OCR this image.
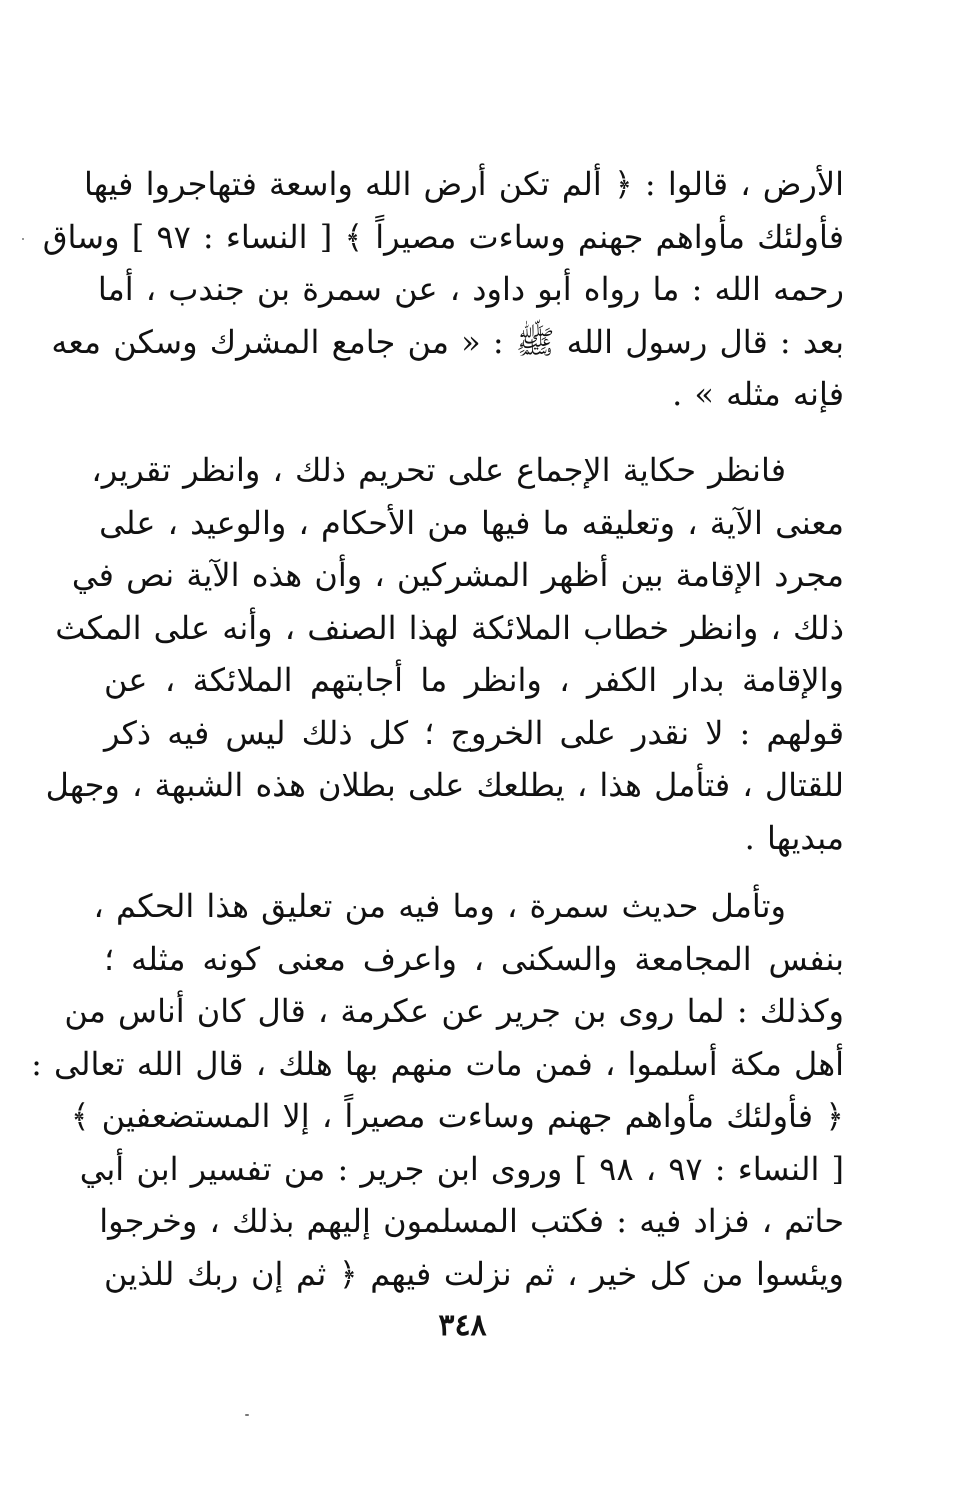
الأرض ، قالوا : ﴿ ألم تكن أرض الله واسعة فتهاجروا فيها
فأولئك مأواهم جهنم وساءت مصيراً ﴾ [ النساء : ٩٧ ] وساق
رحمه الله : ما رواه أبو داود ، عن سمرة بن جندب ، أما
بعد : قال رسول الله ﷺ : « من جامع المشرك وسكن معه
فإنه مثله » .
فانظر حكاية الإجماع على تحريم ذلك ، وانظر تقرير،
معنى الآية ، وتعليقه ما فيها من الأحكام ، والوعيد ، على
مجرد الإقامة بين أظهر المشركين ، وأن هذه الآية نص في
ذلك ، وانظر خطاب الملائكة لهذا الصنف ، وأنه على المكث
والإقامة بدار الكفر ، وانظر ما أجابتهم الملائكة ، عن
قولهم : لا نقدر على الخروج ؛ كل ذلك ليس فيه ذكر
للقتال ، فتأمل هذا ، يطلعك على بطلان هذه الشبهة ، وجهل
مبديها .
وتأمل حديث سمرة ، وما فيه من تعليق هذا الحكم ،
بنفس المجامعة والسكنى ، واعرف معنى كونه مثله ؛
وكذلك : لما روى بن جرير عن عكرمة ، قال كان أناس من
أهل مكة أسلموا ، فمن مات منهم بها هلك ، قال الله تعالى :
﴿ فأولئك مأواهم جهنم وساءت مصيراً ، إلا المستضعفين ﴾
[ النساء : ٩٧ ، ٩٨ ] وروى ابن جرير : من تفسير ابن أبي
حاتم ، فزاد فيه : فكتب المسلمون إليهم بذلك ، وخرجوا
ويئسوا من كل خير ، ثم نزلت فيهم ﴿ ثم إن ربك للذين
٣٤٨
